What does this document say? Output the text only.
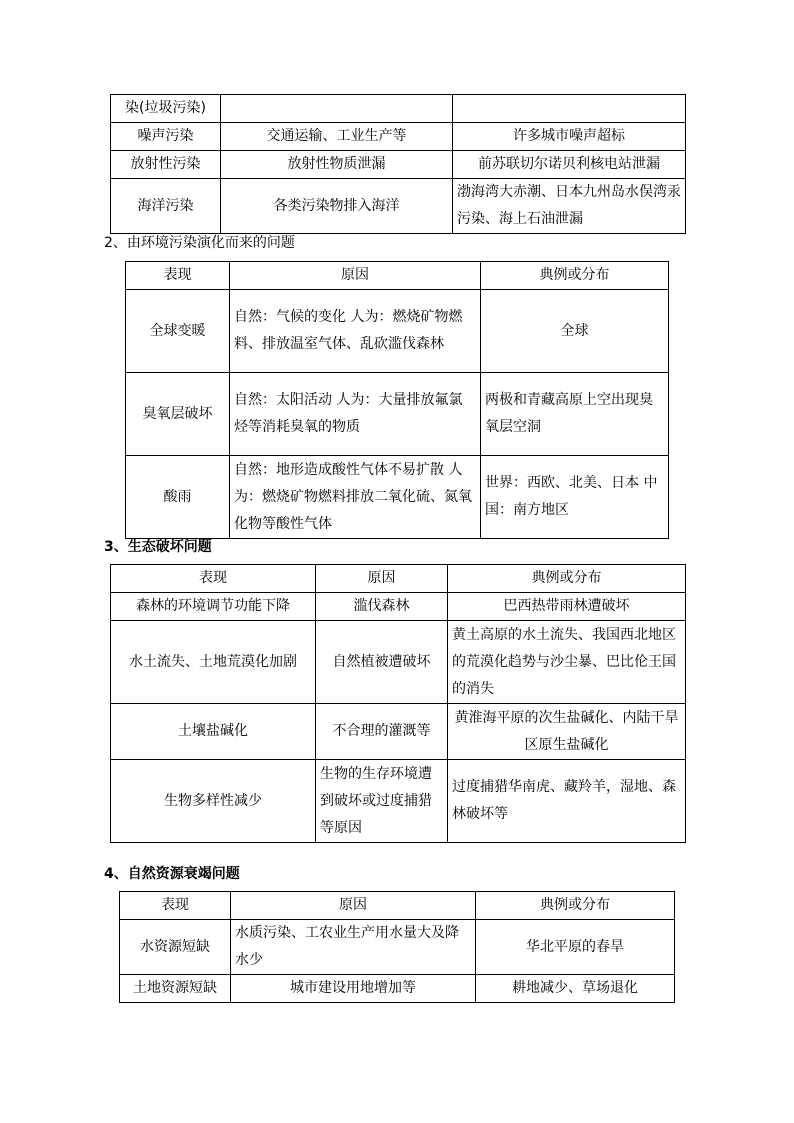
染(垃圾污染)		
噪声污染	交通运输、工业生产等	许多城市噪声超标
放射性污染	放射性物质泄漏	前苏联切尔诺贝利核电站泄漏
海洋污染	各类污染物排入海洋	渤海湾大赤潮、日本九州岛水俣湾汞污染、海上石油泄漏
2、由环境污染演化而来的问题
表现	原因	典例或分布
全球变暖	自然：气候的变化 人为：燃烧矿物燃料、排放温室气体、乱砍滥伐森林	全球
臭氧层破坏	自然：太阳活动 人为：大量排放氟氯烃等消耗臭氧的物质	两极和青藏高原上空出现臭氧层空洞
酸雨	自然：地形造成酸性气体不易扩散 人为：燃烧矿物燃料排放二氧化硫、氮氧化物等酸性气体	世界：西欧、北美、日本 中国：南方地区
3、生态破坏问题
表现	原因	典例或分布
森林的环境调节功能下降	滥伐森林	巴西热带雨林遭破坏
水土流失、土地荒漠化加剧	自然植被遭破坏	黄土高原的水土流失、我国西北地区的荒漠化趋势与沙尘暴、巴比伦王国的消失
土壤盐碱化	不合理的灌溉等	黄淮海平原的次生盐碱化、内陆干旱区原生盐碱化
生物多样性减少	生物的生存环境遭到破坏或过度捕猎等原因	过度捕猎华南虎、藏羚羊，湿地、森林破坏等
4、自然资源衰竭问题
表现	原因	典例或分布
水资源短缺	水质污染、工农业生产用水量大及降水少	华北平原的春旱
土地资源短缺	城市建设用地增加等	耕地减少、草场退化
